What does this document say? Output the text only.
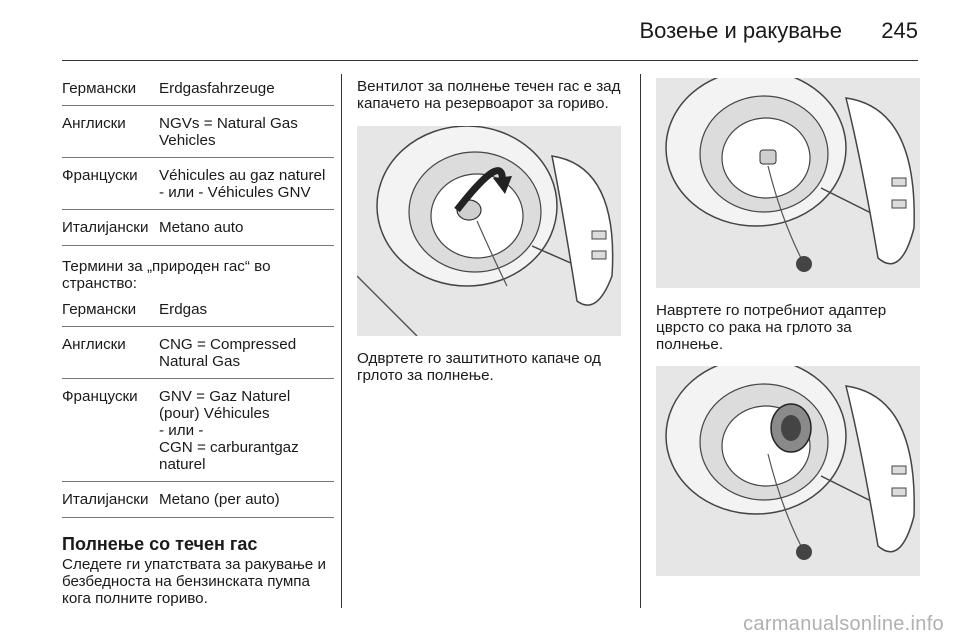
Возење и ракување 245
Германски	Erdgasfahrzeuge
Англиски	NGVs = Natural Gas Vehicles
Француски	Véhicules au gaz naturel - или - Véhicules GNV
Италијански	Metano auto
Термини за „природен гас“ во странство:
Германски	Erdgas
Англиски	CNG = Compressed Natural Gas
Француски	GNV = Gaz Naturel (pour) Véhicules
- или -
CGN = carburantgaz naturel
Италијански	Metano (per auto)
Полнење со течен гас
Следете ги упатствата за ракување и безбедноста на бензинската пумпа кога полните гориво.
Вентилот за полнење течен гас е зад капачето на резервоарот за гориво.
Одвртете го заштитното капаче од грлото за полнење.
Навртете го потребниот адаптер цврсто со рака на грлото за полнење.
carmanualsonline.info
